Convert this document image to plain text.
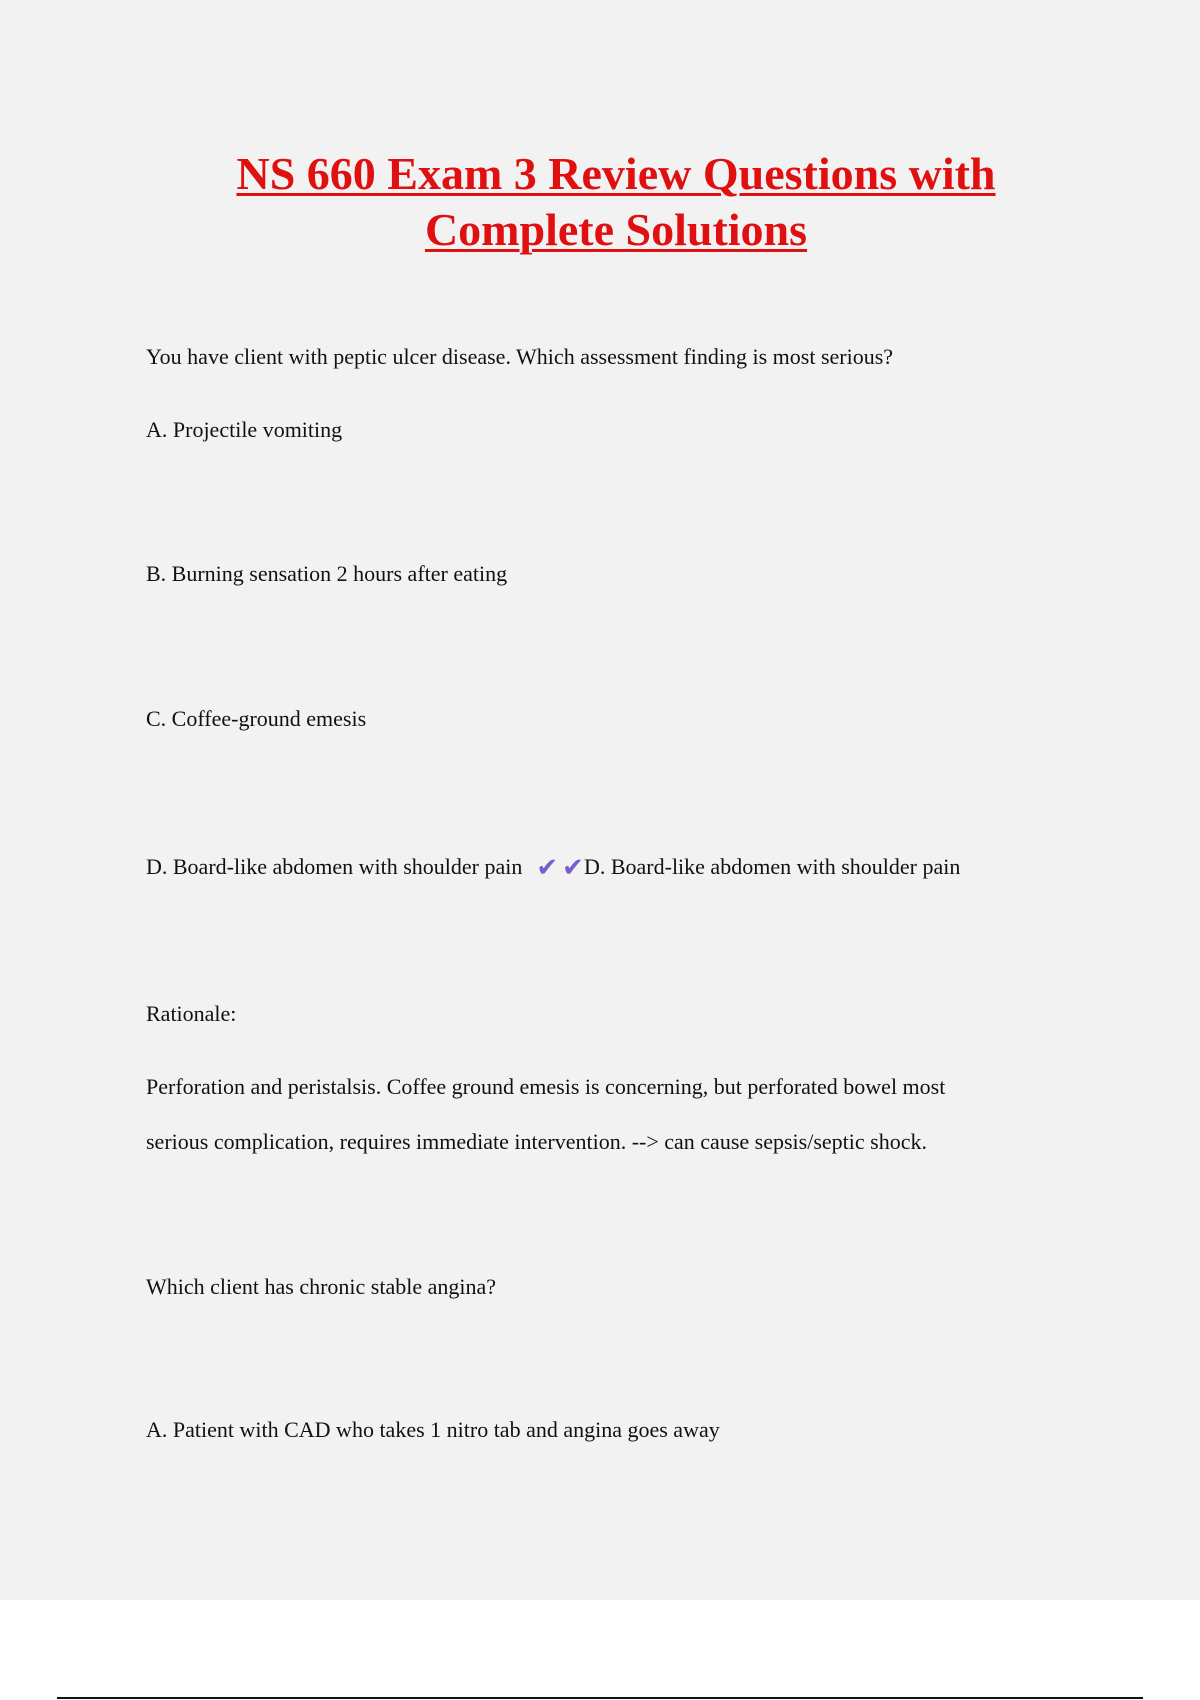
NS 660 Exam 3 Review Questions with
Complete Solutions
You have client with peptic ulcer disease. Which assessment finding is most serious?
A. Projectile vomiting
B. Burning sensation 2 hours after eating
C. Coffee-ground emesis
D. Board-like abdomen with shoulder pain ✔ ✔D. Board-like abdomen with shoulder pain
Rationale:
Perforation and peristalsis. Coffee ground emesis is concerning, but perforated bowel most
serious complication, requires immediate intervention. --> can cause sepsis/septic shock.
Which client has chronic stable angina?
A. Patient with CAD who takes 1 nitro tab and angina goes away
